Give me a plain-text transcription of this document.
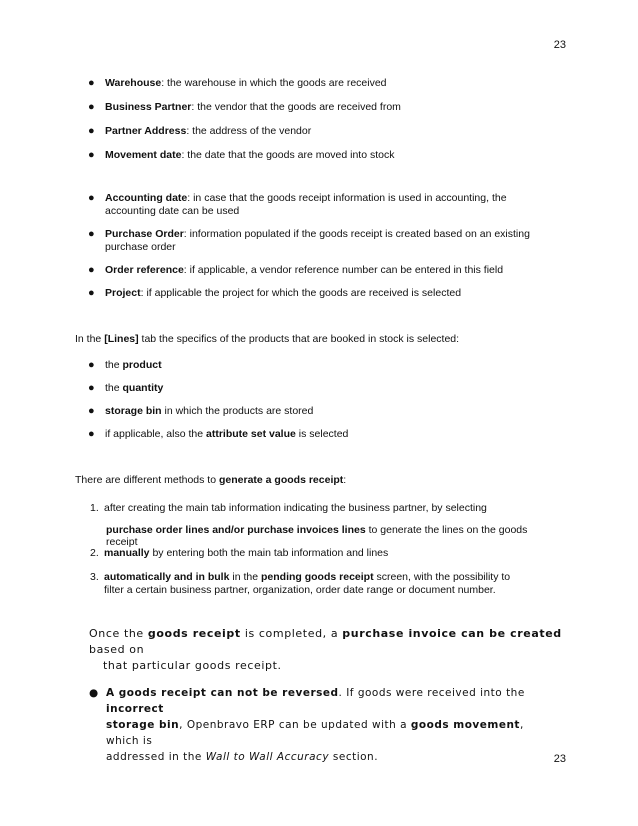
23
● Warehouse: the warehouse in which the goods are received
● Business Partner: the vendor that the goods are received from
● Partner Address: the address of the vendor
● Movement date: the date that the goods are moved into stock
● Accounting date: in case that the goods receipt information is used in accounting, the
accounting date can be used
● Purchase Order: information populated if the goods receipt is created based on an existing
purchase order
● Order reference: if applicable, a vendor reference number can be entered in this field
● Project: if applicable the project for which the goods are received is selected
In the [Lines] tab the specifics of the products that are booked in stock is selected:
● the product
● the quantity
● storage bin in which the products are stored
● if applicable, also the attribute set value is selected
There are different methods to generate a goods receipt:
1. after creating the main tab information indicating the business partner, by selecting
purchase order lines and/or purchase invoices lines to generate the lines on the goods receipt
2. manually by entering both the main tab information and lines
3. automatically and in bulk in the pending goods receipt screen, with the possibility to
filter a certain business partner, organization, order date range or document number.
Once the goods receipt is completed, a purchase invoice can be created based on
that particular goods receipt.
● A goods receipt can not be reversed. If goods were received into the incorrect
storage bin, Openbravo ERP can be updated with a goods movement, which is
addressed in the Wall to Wall Accuracy section.	23
